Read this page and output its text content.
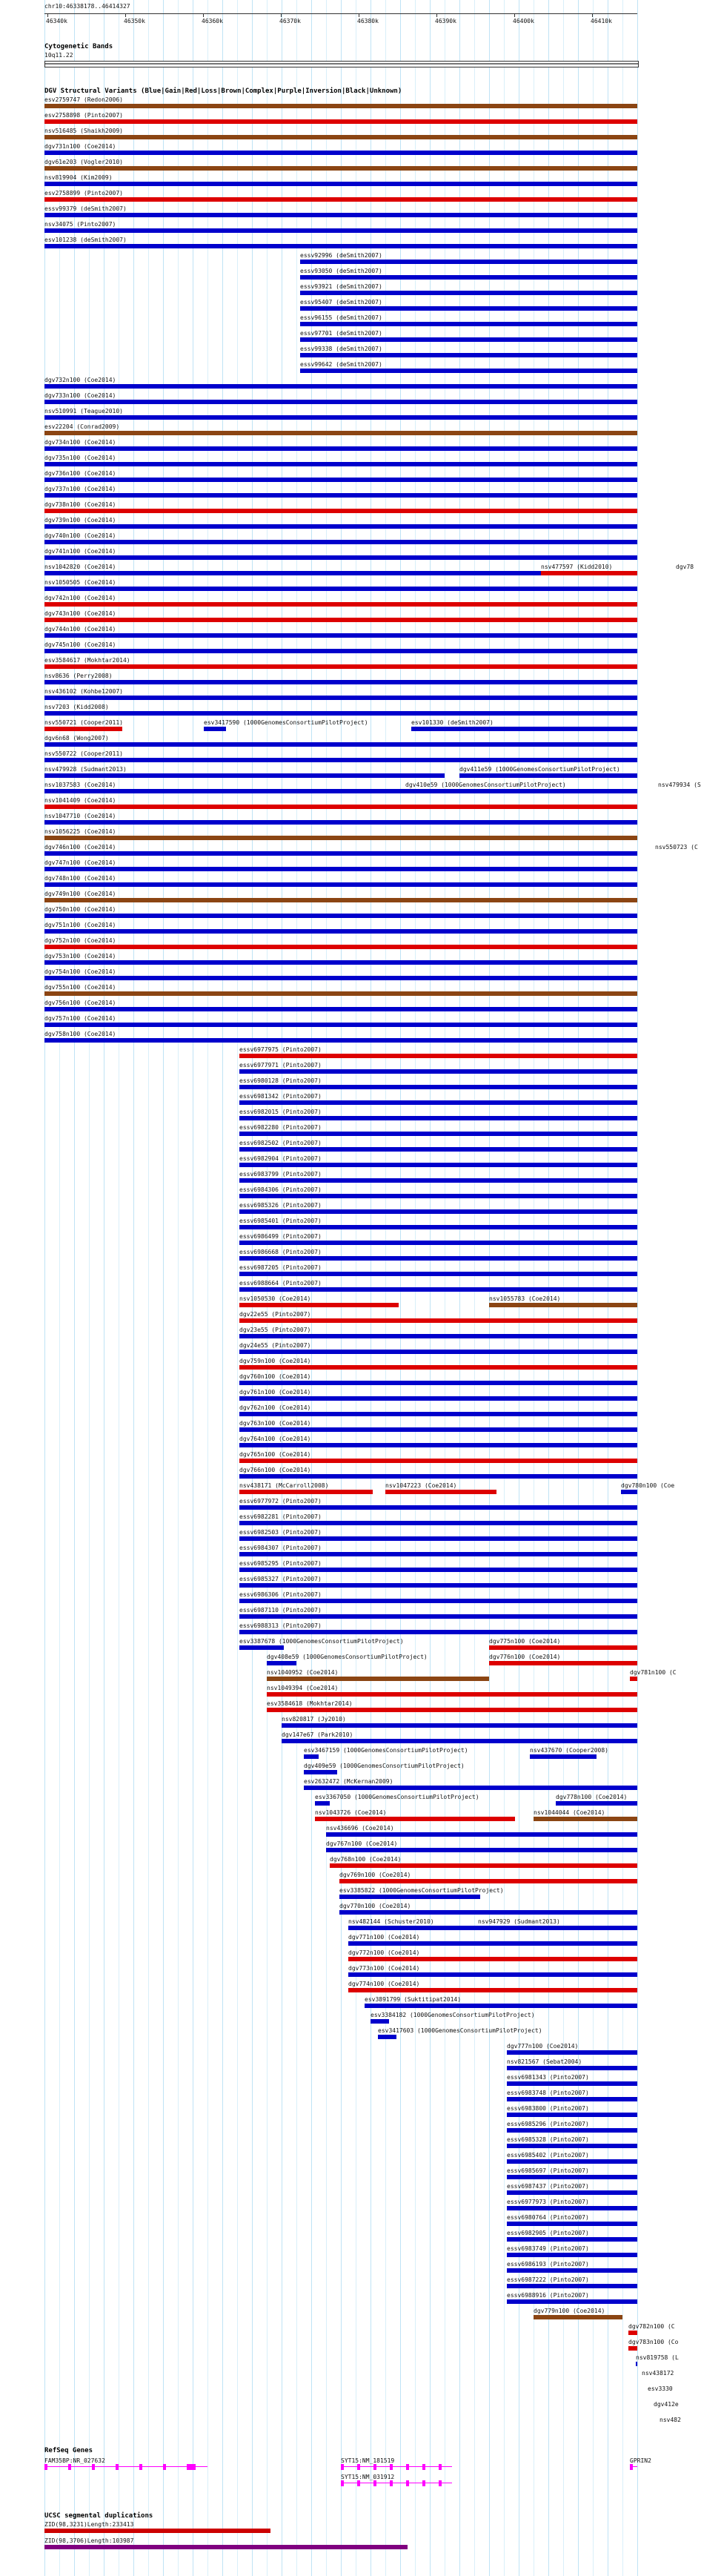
chr10:46338178..46414327
46340k	46350k	46360k	46370k	46380k	46390k	46400k	46410k
Cytogenetic Bands
10q11.22
DGV Structural Variants (Blue|Gain|Red|Loss|Brown|Complex|Purple|Inversion|Black|Unknown)
esv2759747 (Redon2006)
esv2758898 (Pinto2007)
nsv516485 (Shaikh2009)
dgv731n100 (Coe2014)
dgv61e203 (Vogler2010)
nsv819904 (Kim2009)
esv2758899 (Pinto2007)
essv99379 (deSmith2007)
nsv34075 (Pinto2007)
esv101238 (deSmith2007)
essv92996 (deSmith2007)
essv93050 (deSmith2007)
essv93921 (deSmith2007)
essv95407 (deSmith2007)
essv96155 (deSmith2007)
essv97701 (deSmith2007)
essv99338 (deSmith2007)
essv99642 (deSmith2007)
dgv732n100 (Coe2014)
dgv733n100 (Coe2014)
nsv510991 (Teague2010)
esv22204 (Conrad2009)
dgv734n100 (Coe2014)
dgv735n100 (Coe2014)
dgv736n100 (Coe2014)
dgv737n100 (Coe2014)
dgv738n100 (Coe2014)
dgv739n100 (Coe2014)
dgv740n100 (Coe2014)
dgv741n100 (Coe2014)
nsv1042820 (Coe2014)	nsv477597 (Kidd2010)	dgv78
nsv1050505 (Coe2014)
dgv742n100 (Coe2014)
dgv743n100 (Coe2014)
dgv744n100 (Coe2014)
dgv745n100 (Coe2014)
esv3584617 (Mokhtar2014)
nsv8636 (Perry2008)
nsv436102 (Kohbe12007)
nsv7203 (Kidd2008)
nsv550721 (Cooper2011)	esv3417590 (1000GenomesConsortiumPilotProject)	esv101330 (deSmith2007)
dgv6n68 (Wong2007)
nsv550722 (Cooper2011)
nsv479928 (Sudmant2013)	dgv411e59 (1000GenomesConsortiumPilotProject)
nsv1037583 (Coe2014)	dgv410e59 (1000GenomesConsortiumPilotProject)	nsv479934 (S
nsv1041409 (Coe2014)
nsv1047710 (Coe2014)
nsv1056225 (Coe2014)
dgv746n100 (Coe2014)	nsv550723 (C
dgv747n100 (Coe2014)
dgv748n100 (Coe2014)
dgv749n100 (Coe2014)
dgv750n100 (Coe2014)
dgv751n100 (Coe2014)
dgv752n100 (Coe2014)
dgv753n100 (Coe2014)
dgv754n100 (Coe2014)
dgv755n100 (Coe2014)
dgv756n100 (Coe2014)
dgv757n100 (Coe2014)
dgv758n100 (Coe2014)
essv6977975 (Pinto2007)
essv6977971 (Pinto2007)
essv6980128 (Pinto2007)
essv6981342 (Pinto2007)
essv6982015 (Pinto2007)
essv6982280 (Pinto2007)
essv6982502 (Pinto2007)
essv6982904 (Pinto2007)
essv6983799 (Pinto2007)
essv6984306 (Pinto2007)
essv6985326 (Pinto2007)
essv6985401 (Pinto2007)
essv6986499 (Pinto2007)
essv6986668 (Pinto2007)
essv6987205 (Pinto2007)
essv6988664 (Pinto2007)
nsv1050530 (Coe2014)	nsv1055783 (Coe2014)
dgv22e55 (Pinto2007)
dgv23e55 (Pinto2007)
dgv24e55 (Pinto2007)
dgv759n100 (Coe2014)
dgv760n100 (Coe2014)
dgv761n100 (Coe2014)
dgv762n100 (Coe2014)
dgv763n100 (Coe2014)
dgv764n100 (Coe2014)
dgv765n100 (Coe2014)
dgv766n100 (Coe2014)
nsv438171 (McCarroll2008)	nsv1047223 (Coe2014)	dgv780n100 (Coe
essv6977972 (Pinto2007)
essv6982281 (Pinto2007)
essv6982503 (Pinto2007)
essv6984307 (Pinto2007)
essv6985295 (Pinto2007)
essv6985327 (Pinto2007)
essv6986306 (Pinto2007)
essv6987110 (Pinto2007)
essv6988313 (Pinto2007)
esv3387678 (1000GenomesConsortiumPilotProject)	dgv775n100 (Coe2014)
dgv408e59 (1000GenomesConsortiumPilotProject)	dgv776n100 (Coe2014)
nsv1040952 (Coe2014)	dgv781n100 (C
nsv1049394 (Coe2014)
esv3584618 (Mokhtar2014)
nsv820817 (Jy2010)
dgv147e67 (Park2010)
esv3467159 (1000GenomesConsortiumPilotProject)	nsv437670 (Cooper2008)
dgv409e59 (1000GenomesConsortiumPilotProject)
esv2632472 (McKernan2009)
esv3367050 (1000GenomesConsortiumPilotProject)	dgv778n100 (Coe2014)
nsv1043726 (Coe2014)	nsv1044044 (Coe2014)
nsv436696 (Coe2014)
dgv767n100 (Coe2014)
dgv768n100 (Coe2014)
dgv769n100 (Coe2014)
esv3385822 (1000GenomesConsortiumPilotProject)
dgv770n100 (Coe2014)
nsv482144 (Schuster2010)	nsv947929 (Sudmant2013)
dgv771n100 (Coe2014)
dgv772n100 (Coe2014)
dgv773n100 (Coe2014)
dgv774n100 (Coe2014)
esv3891799 (Suktitipat2014)
esv3384182 (1000GenomesConsortiumPilotProject)
esv3417603 (1000GenomesConsortiumPilotProject)
dgv777n100 (Coe2014)
nsv821567 (Sebat2004)
essv6981343 (Pinto2007)
essv6983748 (Pinto2007)
essv6983800 (Pinto2007)
essv6985296 (Pinto2007)
essv6985328 (Pinto2007)
essv6985402 (Pinto2007)
essv6985697 (Pinto2007)
essv6987437 (Pinto2007)
essv6977973 (Pinto2007)
essv6980764 (Pinto2007)
essv6982905 (Pinto2007)
essv6983749 (Pinto2007)
essv6986193 (Pinto2007)
essv6987222 (Pinto2007)
essv6988916 (Pinto2007)
dgv779n100 (Coe2014)
dgv782n100 (C
dgv783n100 (Co
nsv819758 (L
nsv438172
esv3330
dgv412e
nsv482
RefSeq Genes
FAM35BP:NR_027632	SYT15:NM_181519
SYT15:NM_031912
GPRIN2
UCSC segmental duplications
ZID(98,3231)Length:233413
ZID(98,3706)Length:103987
